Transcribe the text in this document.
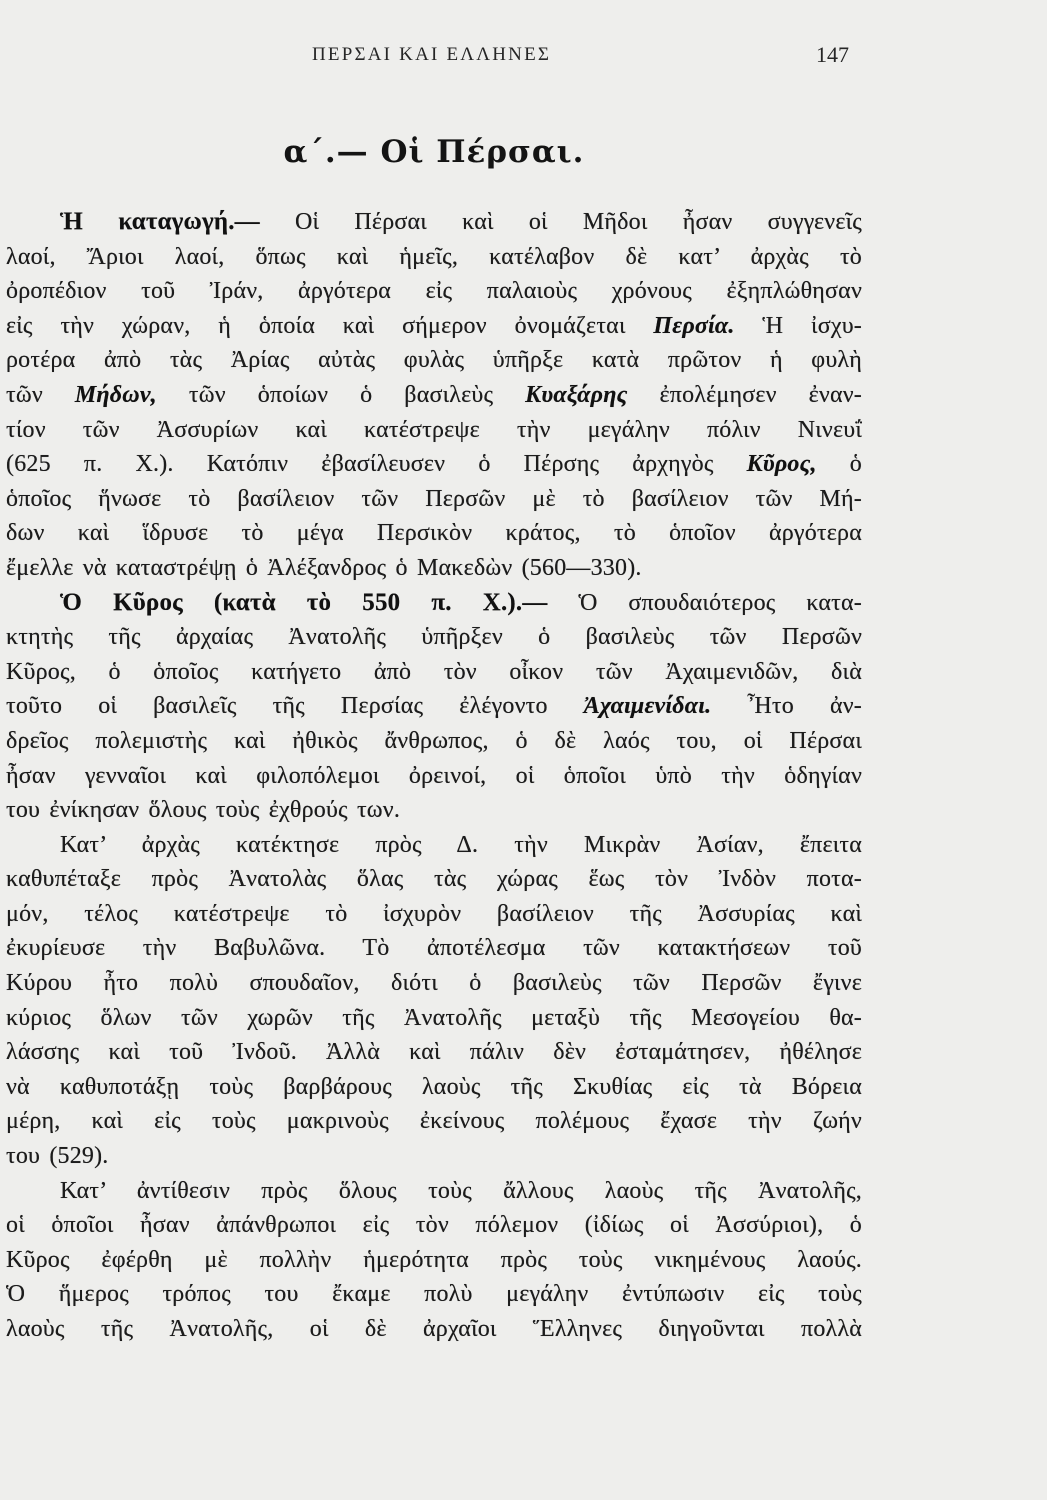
ΠΕΡΣΑΙ ΚΑΙ ΕΛΛΗΝΕΣ	147
α΄.— Οἱ Πέρσαι.
Ἡ καταγωγή.— Οἱ Πέρσαι καὶ οἱ Μῆδοι ἦσαν συγγενεῖς
λαοί, Ἄριοι λαοί, ὅπως καὶ ἡμεῖς, κατέλαβον δὲ κατ’ ἀρχὰς τὸ
ὀροπέδιον τοῦ Ἰράν, ἀργότερα εἰς παλαιοὺς χρόνους ἐξηπλώθησαν
εἰς τὴν χώραν, ἡ ὁποία καὶ σήμερον ὀνομάζεται Περσία. Ἡ ἰσχυ-
ροτέρα ἀπὸ τὰς Ἀρίας αὐτὰς φυλὰς ὑπῆρξε κατὰ πρῶτον ἡ φυλὴ
τῶν Μήδων, τῶν ὁποίων ὁ βασιλεὺς Κυαξάρης ἐπολέμησεν ἐναν-
τίον τῶν Ἀσσυρίων καὶ κατέστρεψε τὴν μεγάλην πόλιν Νινευΐ
(625 π. Χ.). Κατόπιν ἐβασίλευσεν ὁ Πέρσης ἀρχηγὸς Κῦρος, ὁ
ὁποῖος ἥνωσε τὸ βασίλειον τῶν Περσῶν μὲ τὸ βασίλειον τῶν Μή-
δων καὶ ἵδρυσε τὸ μέγα Περσικὸν κράτος, τὸ ὁποῖον ἀργότερα
ἔμελλε νὰ καταστρέψῃ ὁ Ἀλέξανδρος ὁ Μακεδὼν (560—330).
Ὁ Κῦρος (κατὰ τὸ 550 π. Χ.).— Ὁ σπουδαιότερος κατα-
κτητὴς τῆς ἀρχαίας Ἀνατολῆς ὑπῆρξεν ὁ βασιλεὺς τῶν Περσῶν
Κῦρος, ὁ ὁποῖος κατήγετο ἀπὸ τὸν οἶκον τῶν Ἀχαιμενιδῶν, διὰ
τοῦτο οἱ βασιλεῖς τῆς Περσίας ἐλέγοντο Ἀχαιμενίδαι. Ἦτο ἀν-
δρεῖος πολεμιστὴς καὶ ἠθικὸς ἄνθρωπος, ὁ δὲ λαός του, οἱ Πέρσαι
ἦσαν γενναῖοι καὶ φιλοπόλεμοι ὀρεινοί, οἱ ὁποῖοι ὑπὸ τὴν ὁδηγίαν
του ἐνίκησαν ὅλους τοὺς ἐχθρούς των.
Κατ’ ἀρχὰς κατέκτησε πρὸς Δ. τὴν Μικρὰν Ἀσίαν, ἔπειτα
καθυπέταξε πρὸς Ἀνατολὰς ὅλας τὰς χώρας ἕως τὸν Ἰνδὸν ποτα-
μόν, τέλος κατέστρεψε τὸ ἰσχυρὸν βασίλειον τῆς Ἀσσυρίας καὶ
ἐκυρίευσε τὴν Βαβυλῶνα. Τὸ ἀποτέλεσμα τῶν κατακτήσεων τοῦ
Κύρου ἦτο πολὺ σπουδαῖον, διότι ὁ βασιλεὺς τῶν Περσῶν ἔγινε
κύριος ὅλων τῶν χωρῶν τῆς Ἀνατολῆς μεταξὺ τῆς Μεσογείου θα-
λάσσης καὶ τοῦ Ἰνδοῦ. Ἀλλὰ καὶ πάλιν δὲν ἐσταμάτησεν, ἠθέλησε
νὰ καθυποτάξῃ τοὺς βαρβάρους λαοὺς τῆς Σκυθίας εἰς τὰ Βόρεια
μέρη, καὶ εἰς τοὺς μακρινοὺς ἐκείνους πολέμους ἔχασε τὴν ζωήν
του (529).
Κατ’ ἀντίθεσιν πρὸς ὅλους τοὺς ἄλλους λαοὺς τῆς Ἀνατολῆς,
οἱ ὁποῖοι ἦσαν ἀπάνθρωποι εἰς τὸν πόλεμον (ἰδίως οἱ Ἀσσύριοι), ὁ
Κῦρος ἐφέρθη μὲ πολλὴν ἡμερότητα πρὸς τοὺς νικημένους λαούς.
Ὁ ἥμερος τρόπος του ἔκαμε πολὺ μεγάλην ἐντύπωσιν εἰς τοὺς
λαοὺς τῆς Ἀνατολῆς, οἱ δὲ ἀρχαῖοι Ἕλληνες διηγοῦνται πολλὰ
